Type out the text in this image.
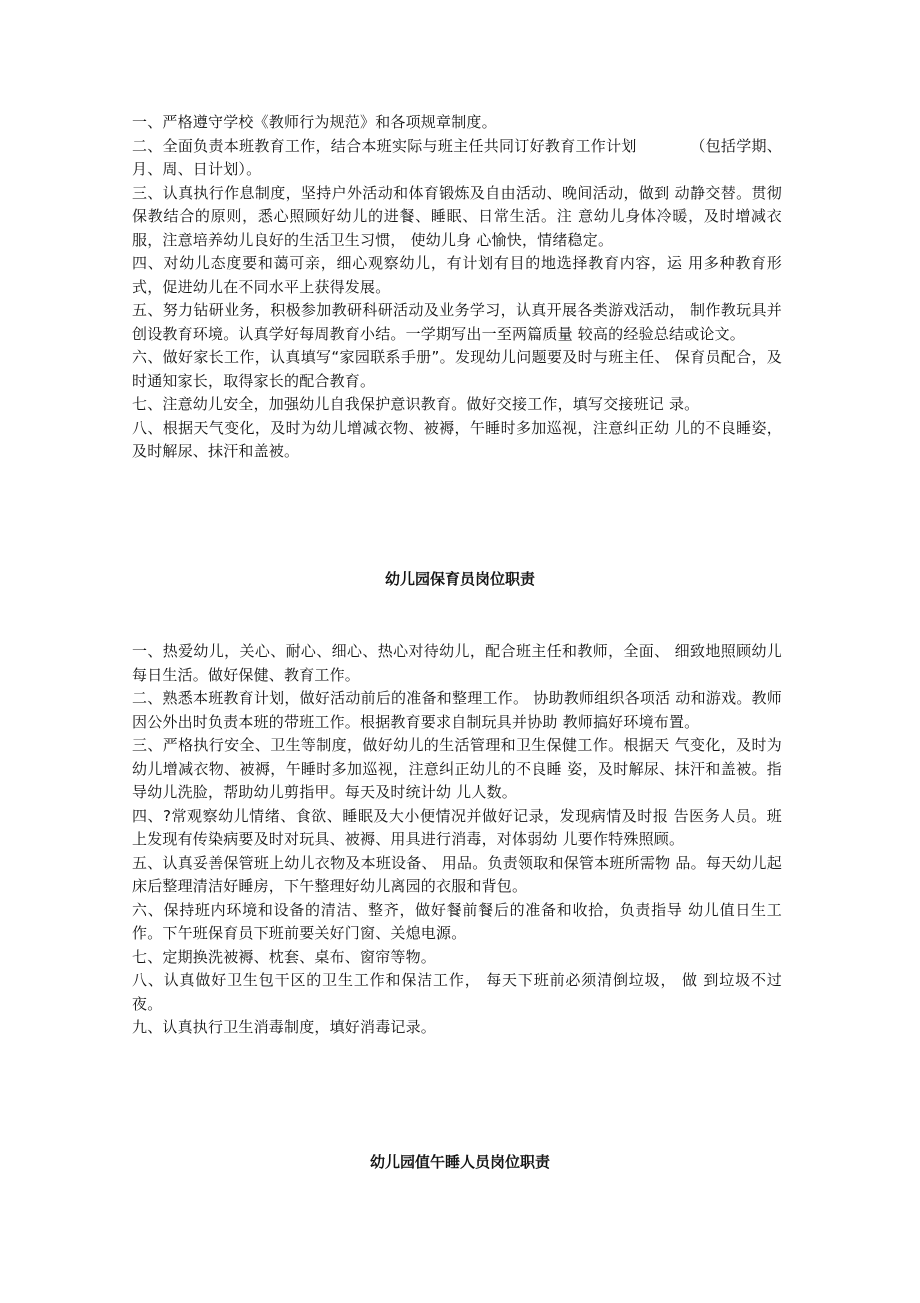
一、严格遵守学校《教师行为规范》和各项规章制度。

二、全面负责本班教育工作，结合本班实际与班主任共同订好教育工作计划　　　　（包括学期、月、周、日计划）。

三、认真执行作息制度，坚持户外活动和体育锻炼及自由活动、晚间活动，做到 动静交替。贯彻保教结合的原则，悉心照顾好幼儿的进餐、睡眠、日常生活。注 意幼儿身体冷暖，及时增减衣服，注意培养幼儿良好的生活卫生习惯， 使幼儿身 心愉快，情绪稳定。

四、对幼儿态度要和蔼可亲，细心观察幼儿，有计划有目的地选择教育内容，运 用多种教育形式，促进幼儿在不同水平上获得发展。

五、努力钻研业务，积极参加教研科研活动及业务学习，认真开展各类游戏活动， 制作教玩具并创设教育环境。认真学好每周教育小结。一学期写出一至两篇质量 较高的经验总结或论文。

六、做好家长工作，认真填写“家园联系手册”。发现幼儿问题要及时与班主任、 保育员配合，及时通知家长，取得家长的配合教育。

七、注意幼儿安全，加强幼儿自我保护意识教育。做好交接工作，填写交接班记 录。

八、根据天气变化，及时为幼儿增减衣物、被褥，午睡时多加巡视，注意纠正幼 儿的不良睡姿，及时解尿、抹汗和盖被。

幼儿园保育员岗位职责

一、热爱幼儿，关心、耐心、细心、热心对待幼儿，配合班主任和教师，全面、 细致地照顾幼儿每日生活。做好保健、教育工作。

二、熟悉本班教育计划，做好活动前后的准备和整理工作。 协助教师组织各项活 动和游戏。教师因公外出时负责本班的带班工作。根据教育要求自制玩具并协助 教师搞好环境布置。

三、严格执行安全、卫生等制度，做好幼儿的生活管理和卫生保健工作。根据天 气变化，及时为幼儿增减衣物、被褥，午睡时多加巡视，注意纠正幼儿的不良睡 姿，及时解尿、抹汗和盖被。指导幼儿洗脸，帮助幼儿剪指甲。每天及时统计幼 儿人数。

四、?常观察幼儿情绪、食欲、睡眠及大小便情况并做好记录，发现病情及时报 告医务人员。班上发现有传染病要及时对玩具、被褥、用具进行消毒，对体弱幼 儿要作特殊照顾。

五、认真妥善保管班上幼儿衣物及本班设备、 用品。负责领取和保管本班所需物 品。每天幼儿起床后整理清洁好睡房，下午整理好幼儿离园的衣服和背包。

六、保持班内环境和设备的清洁、整齐，做好餐前餐后的准备和收拾，负责指导 幼儿值日生工作。下午班保育员下班前要关好门窗、关熄电源。

七、定期换洗被褥、枕套、桌布、窗帘等物。

八、认真做好卫生包干区的卫生工作和保洁工作， 每天下班前必须清倒垃圾， 做 到垃圾不过夜。

九、认真执行卫生消毒制度，填好消毒记录。

幼儿园值午睡人员岗位职责
